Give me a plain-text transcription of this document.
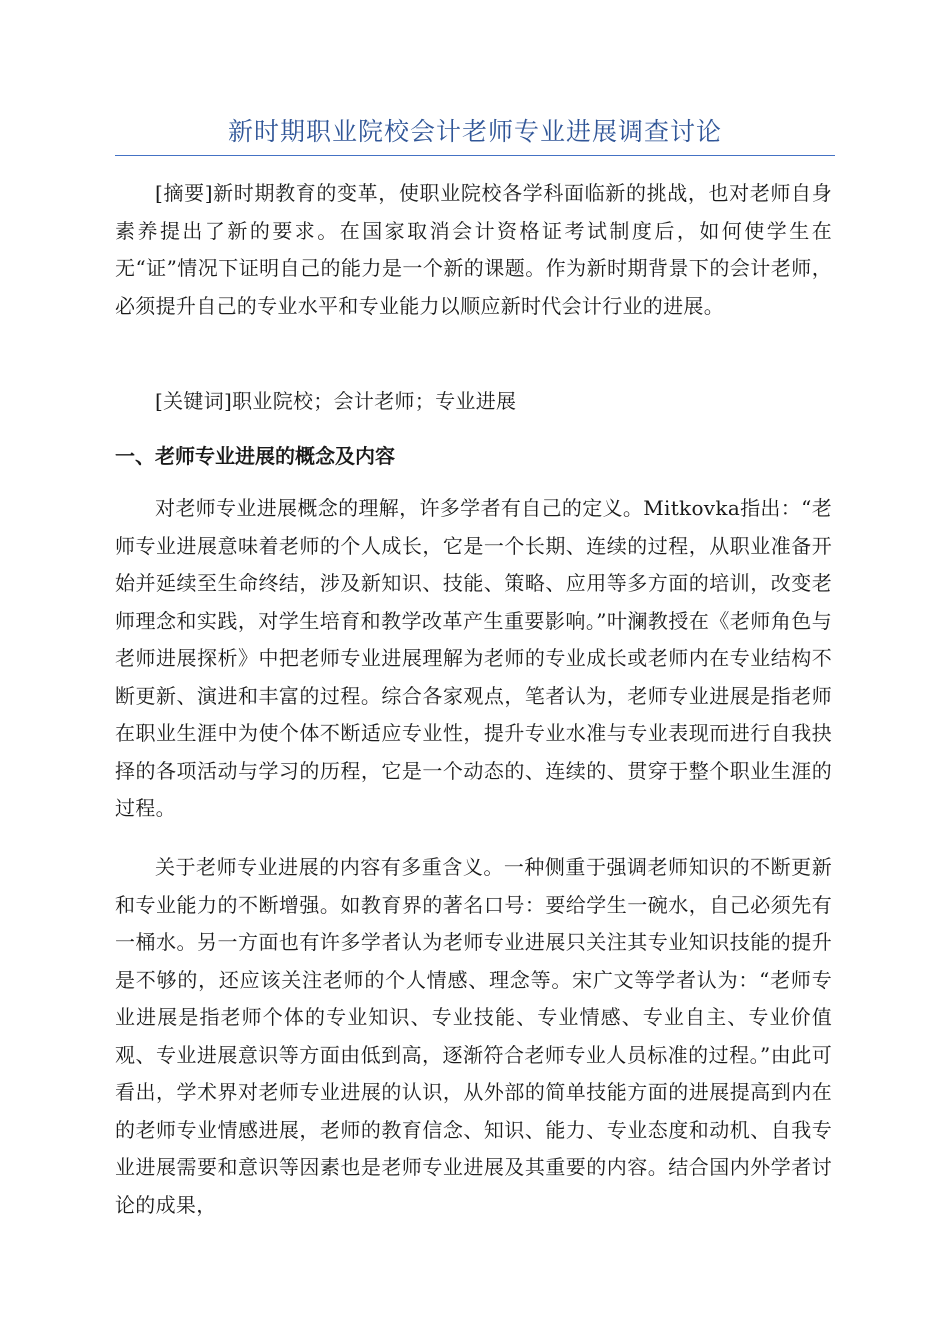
新时期职业院校会计老师专业进展调查讨论

[摘要]新时期教育的变革，使职业院校各学科面临新的挑战，也对老师自身素养提出了新的要求。在国家取消会计资格证考试制度后，如何使学生在无“证”情况下证明自己的能力是一个新的课题。作为新时期背景下的会计老师，必须提升自己的专业水平和专业能力以顺应新时代会计行业的进展。

[关键词]职业院校；会计老师；专业进展

一、老师专业进展的概念及内容

对老师专业进展概念的理解，许多学者有自己的定义。Mitkovka指出：“老师专业进展意味着老师的个人成长，它是一个长期、连续的过程，从职业准备开始并延续至生命终结，涉及新知识、技能、策略、应用等多方面的培训，改变老师理念和实践，对学生培育和教学改革产生重要影响。”叶澜教授在《老师角色与老师进展探析》中把老师专业进展理解为老师的专业成长或老师内在专业结构不断更新、演进和丰富的过程。综合各家观点，笔者认为，老师专业进展是指老师在职业生涯中为使个体不断适应专业性，提升专业水准与专业表现而进行自我抉择的各项活动与学习的历程，它是一个动态的、连续的、贯穿于整个职业生涯的过程。

关于老师专业进展的内容有多重含义。一种侧重于强调老师知识的不断更新和专业能力的不断增强。如教育界的著名口号：要给学生一碗水，自己必须先有一桶水。另一方面也有许多学者认为老师专业进展只关注其专业知识技能的提升是不够的，还应该关注老师的个人情感、理念等。宋广文等学者认为：“老师专业进展是指老师个体的专业知识、专业技能、专业情感、专业自主、专业价值观、专业进展意识等方面由低到高，逐渐符合老师专业人员标准的过程。”由此可看出，学术界对老师专业进展的认识，从外部的简单技能方面的进展提高到内在的老师专业情感进展，老师的教育信念、知识、能力、专业态度和动机、自我专业进展需要和意识等因素也是老师专业进展及其重要的内容。结合国内外学者讨论的成果，
